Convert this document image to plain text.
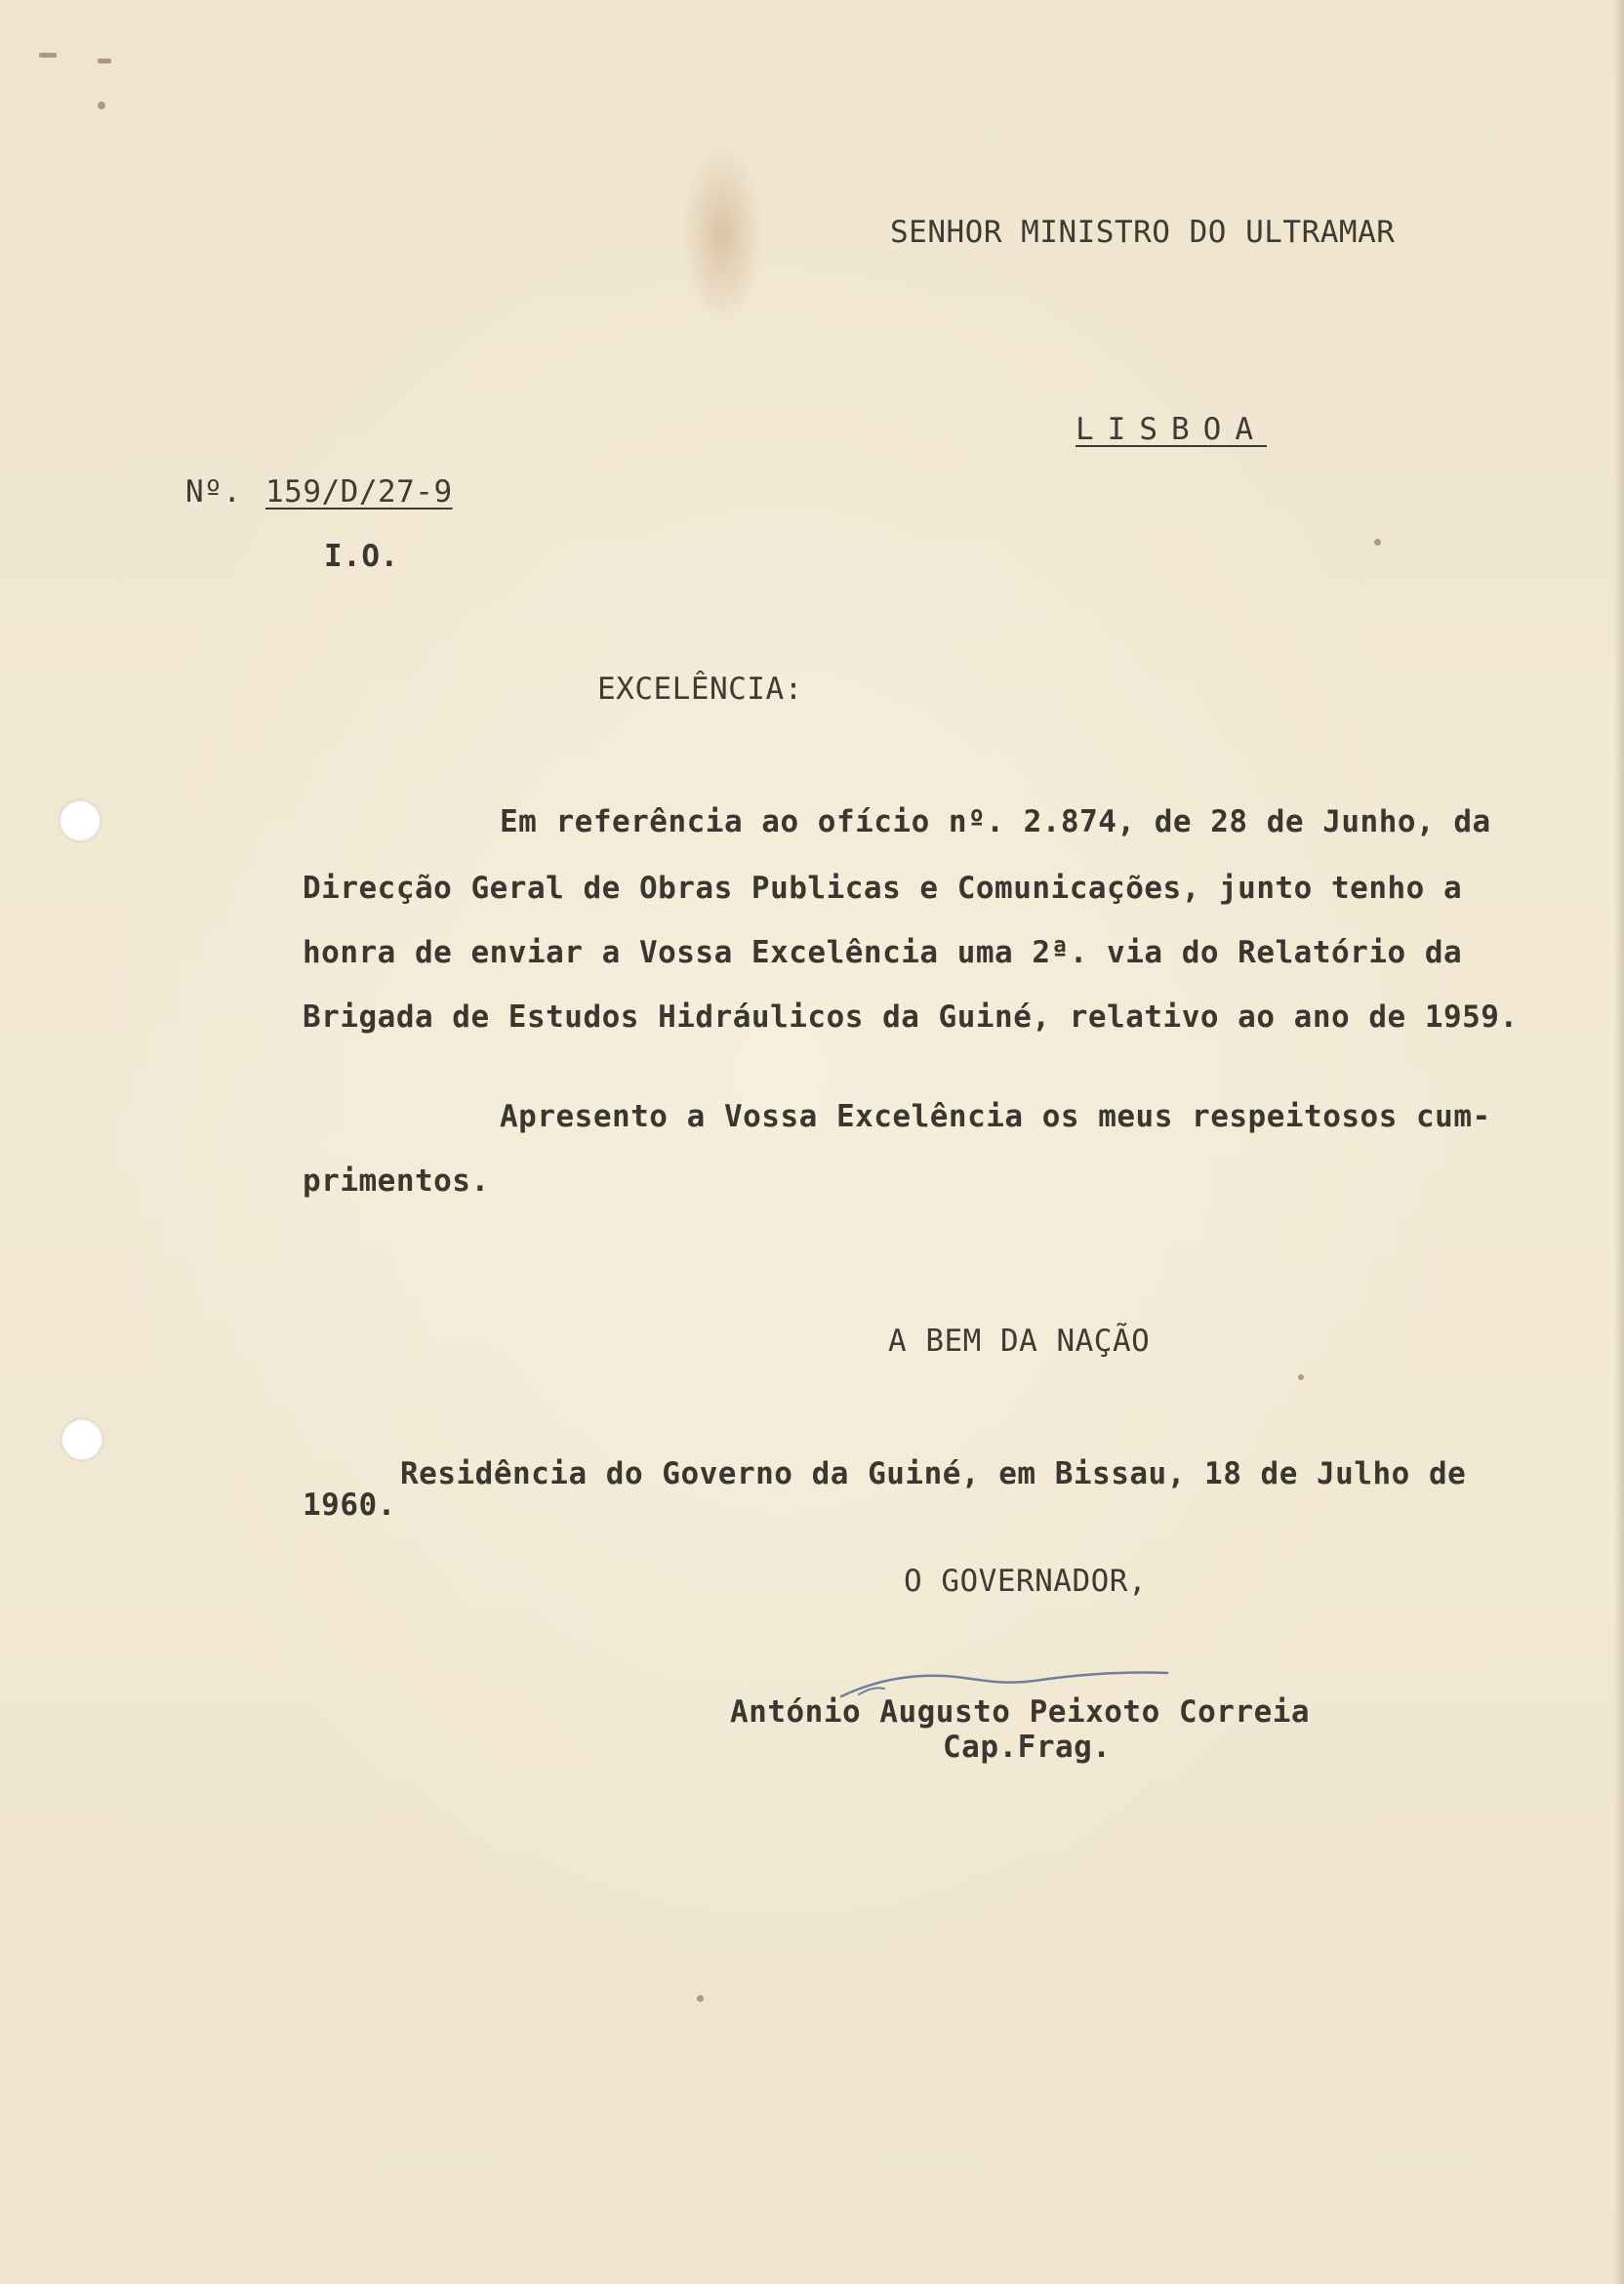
SENHOR MINISTRO DO ULTRAMAR
LISBOA
Nº. 159/D/27-9
I.O.
EXCELÊNCIA:
Em referência ao ofício nº. 2.874, de 28 de Junho, da
Direcção Geral de Obras Publicas e Comunicações, junto tenho a
honra de enviar a Vossa Excelência uma 2ª. via do Relatório da
Brigada de Estudos Hidráulicos da Guiné, relativo ao ano de 1959.
Apresento a Vossa Excelência os meus respeitosos cum-
primentos.
A BEM DA NAÇÃO
Residência do Governo da Guiné, em Bissau, 18 de Julho de
1960.
O GOVERNADOR,
António Augusto Peixoto Correia
Cap.Frag.
